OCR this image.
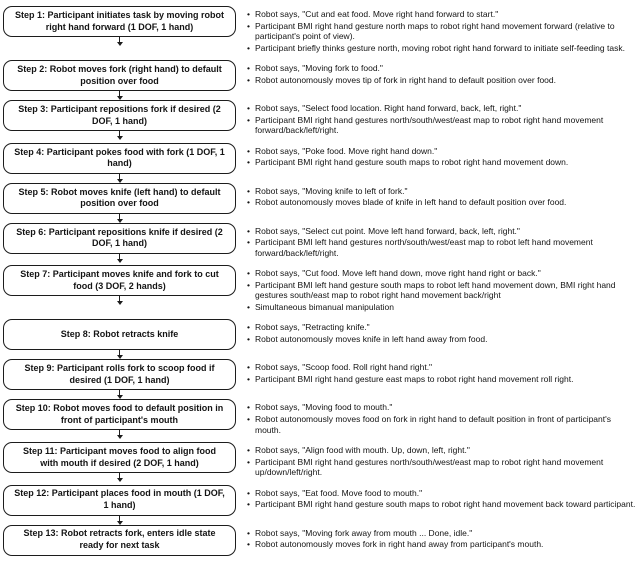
Step 1: Participant initiates task by moving robot right hand forward (1 DOF, 1 hand)
• Robot says, "Cut and eat food. Move right hand forward to start."
• Participant BMI right hand gesture north maps to robot right hand movement forward (relative to participant's point of view).
• Participant briefly thinks gesture north, moving robot right hand forward to initiate self-feeding task.
Step 2: Robot moves fork (right hand) to default position over food
• Robot says, "Moving fork to food."
• Robot autonomously moves tip of fork in right hand to default position over food.
Step 3: Participant repositions fork if desired (2 DOF, 1 hand)
• Robot says, "Select food location. Right hand forward, back, left, right."
• Participant BMI right hand gestures north/south/west/east map to robot right hand movement forward/back/left/right.
Step 4: Participant pokes food with fork (1 DOF, 1 hand)
• Robot says, "Poke food. Move right hand down."
• Participant BMI right hand gesture south maps to robot right hand movement down.
Step 5: Robot moves knife (left hand) to default position over food
• Robot says, "Moving knife to left of fork."
• Robot autonomously moves blade of knife in left hand to default position over food.
Step 6: Participant repositions knife if desired (2 DOF, 1 hand)
• Robot says, "Select cut point. Move left hand forward, back, left, right."
• Participant BMI left hand gestures north/south/west/east map to robot left hand movement forward/back/left/right.
Step 7: Participant moves knife and fork to cut food (3 DOF, 2 hands)
• Robot says, "Cut food. Move left hand down, move right hand right or back."
• Participant BMI left hand gesture south maps to robot left hand movement down, BMI right hand gestures south/east map to robot right hand movement back/right
• Simultaneous bimanual manipulation
Step 8: Robot retracts knife
• Robot says, "Retracting knife."
• Robot autonomously moves knife in left hand away from food.
Step 9: Participant rolls fork to scoop food if desired (1 DOF, 1 hand)
• Robot says, "Scoop food. Roll right hand right."
• Participant BMI right hand gesture east maps to robot right hand movement roll right.
Step 10: Robot moves food to default position in front of participant's mouth
• Robot says, "Moving food to mouth."
• Robot autonomously moves food on fork in right hand to default position in front of participant's mouth.
Step 11: Participant moves food to align food with mouth if desired (2 DOF, 1 hand)
• Robot says, "Align food with mouth. Up, down, left, right."
• Participant BMI right hand gestures north/south/west/east map to robot right hand movement up/down/left/right.
Step 12: Participant places food in mouth (1 DOF, 1 hand)
• Robot says, "Eat food. Move food to mouth."
• Participant BMI right hand gesture south maps to robot right hand movement back toward participant.
Step 13: Robot retracts fork, enters idle state ready for next task
• Robot says, "Moving fork away from mouth ... Done, idle."
• Robot autonomously moves fork in right hand away from participant's mouth.
